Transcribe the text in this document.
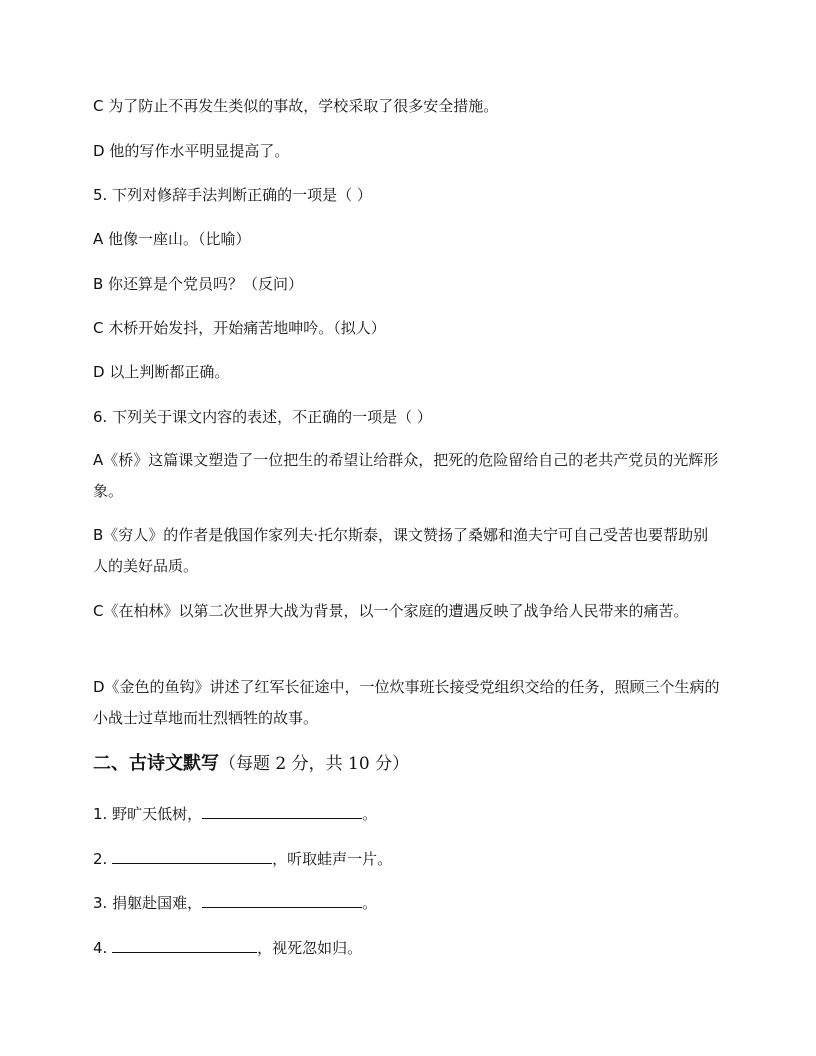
C 为了防止不再发生类似的事故，学校采取了很多安全措施。
D 他的写作水平明显提高了。
5. 下列对修辞手法判断正确的一项是（ ）
A 他像一座山。（比喻）
B 你还算是个党员吗？（反问）
C 木桥开始发抖，开始痛苦地呻吟。（拟人）
D 以上判断都正确。
6. 下列关于课文内容的表述，不正确的一项是（ ）
A《桥》这篇课文塑造了一位把生的希望让给群众，把死的危险留给自己的老共产党员的光辉形象。
B《穷人》的作者是俄国作家列夫·托尔斯泰，课文赞扬了桑娜和渔夫宁可自己受苦也要帮助别人的美好品质。
C《在柏林》以第二次世界大战为背景，以一个家庭的遭遇反映了战争给人民带来的痛苦。
D《金色的鱼钩》讲述了红军长征途中，一位炊事班长接受党组织交给的任务，照顾三个生病的小战士过草地而壮烈牺牲的故事。
二、古诗文默写（每题 2 分，共 10 分）
1. 野旷天低树，	。
2.	，听取蛙声一片。
3. 捐躯赴国难，	。
4.	，视死忽如归。
